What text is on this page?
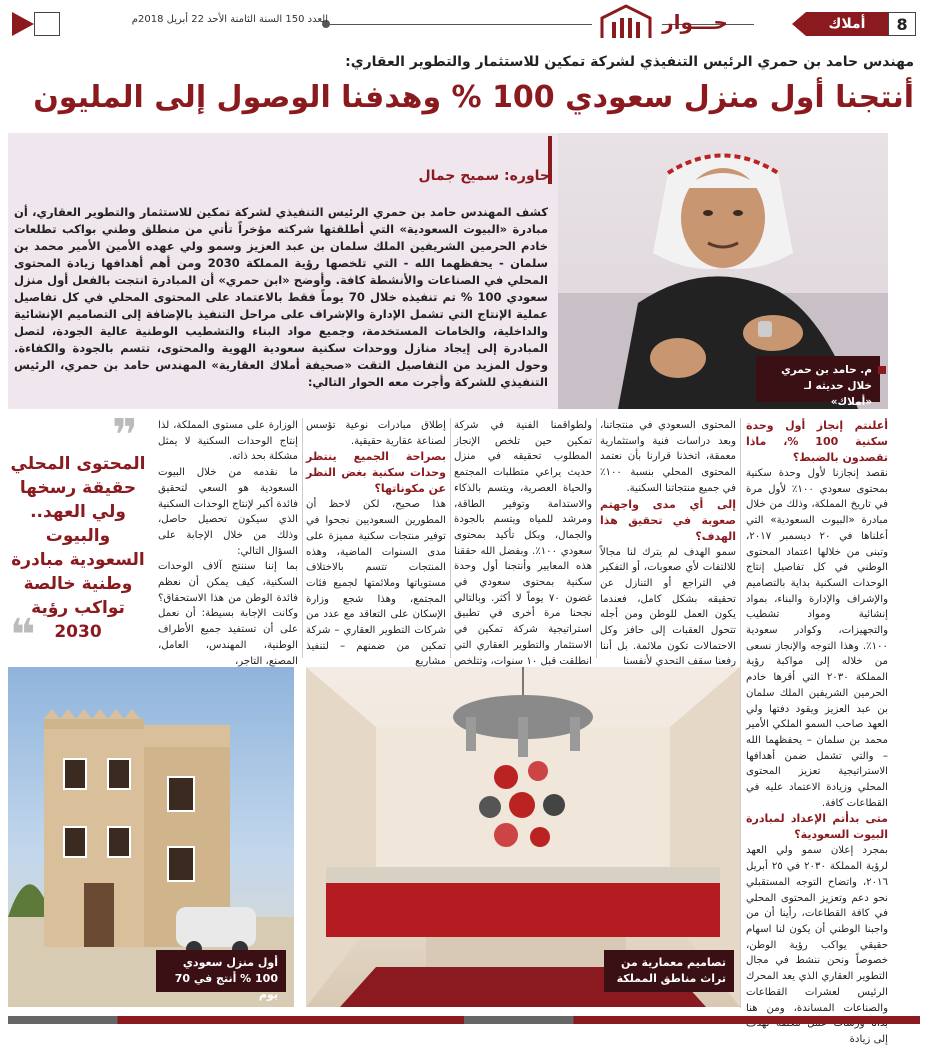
8
أملاك
حـــوار
العدد 150 السنة الثامنة الأحد 22 أبريل 2018م
مهندس حامد بن حمري الرئيس التنفيذي لشركة تمكين للاستثمار والتطوير العقاري:
أنتجنا أول منزل سعودي 100 % وهدفنا الوصول إلى المليون
حاوره: سميح جمال
كشف المهندس حامد بن حمري الرئيس التنفيذي لشركة تمكين للاستثمار والتطوير العقاري، أن مبادرة «البيوت السعودية» التي أطلقتها شركته مؤخراً تأتي من منطلق وطني بواكب تطلعات خادم الحرمين الشريفين الملك سلمان بن عبد العزيز وسمو ولي عهده الأمين الأمير محمد بن سلمان - يحفظهما الله - التي تلخصها رؤية المملكة 2030 ومن أهم أهدافها زيادة المحتوى المحلي في الصناعات والأنشطة كافة. وأوضح «ابن حمري» أن المبادرة انتجت بالفعل أول منزل سعودي 100 % تم تنفيذه خلال 70 يوماً فقط بالاعتماد على المحتوى المحلي في كل تفاصيل عملية الإنتاج التي تشمل الإدارة والإشراف على مراحل التنفيذ بالإضافة إلى التصاميم الإنشائية والداخلية، والخامات المستخدمة، وجميع مواد البناء والتشطيب الوطنية عالية الجودة، لتصل المبادرة إلى إيجاد منازل ووحدات سكنية سعودية الهوية والمحتوى، تتسم بالجودة والكفاءة. وحول المزيد من التفاصيل التقت «صحيفة أملاك العقارية» المهندس حامد بن حمري، الرئيس التنفيذي للشركة وأجرت معه الحوار التالي:
م. حامد بن حمري خلال حديثه لـ «أملاك»
أعلنتم إنجاز أول وحدة سكنية 100 %، ماذا تقصدون بالضبط؟

نقصد إنجازنا لأول وحدة سكنية بمحتوى سعودي ١٠٠٪ لأول مرة في تاريخ المملكة، وذلك من خلال مبادرة «البيوت السعودية» التي أعلناها في ٢٠ ديسمبر ٢٠١٧، وتبنى من خلالها اعتماد المحتوى الوطني في كل تفاصيل إنتاج الوحدات السكنية بداية بالتصاميم والإشراف والإدارة والبناء، بمواد إنشائية ومواد تشطيب والتجهيزات، وكوادر سعودية ١٠٠٪. وهذا التوجه والإنجاز نسعى من خلاله إلى مواكبة رؤية المملكة ٢٠٣٠ التي أقرها خادم الحرمين الشريفين الملك سلمان بن عبد العزيز ويقود دفتها ولي العهد صاحب السمو الملكي الأمير محمد بن سلمان – يحفظهما الله – والتي تشمل ضمن أهدافها الاستراتيجية تعزيز المحتوى المحلي وزيادة الاعتماد عليه في القطاعات كافة.

متى بدأتم الإعداد لمبادرة البيوت السعودية؟

بمجرد إعلان سمو ولي العهد لرؤية المملكة ٢٠٣٠ في ٢٥ أبريل ٢٠١٦، واتضاح التوجه المستقبلي نحو دعم وتعزيز المحتوى المحلي في كافة القطاعات، رأينا أن من واجبنا الوطني أن يكون لنا اسهام حقيقي يواكب رؤية الوطن، خصوصاً ونحن ننشط في مجال التطوير العقاري الذي يعد المحرك الرئيس لعشرات القطاعات والصناعات المساندة، ومن هنا إلى زيادة

المحتوى السعودي في منتجاتنا، وبعد دراسات فنية واستثمارية معمقة، اتخذنا قرارنا بأن نعتمد المحتوى المحلي بنسبة ١٠٠٪ في جميع منتجاتنا السكنية.

إلى أي مدى واجهتم صعوبة في تحقيق هذا الهدف؟

سمو الهدف لم يترك لنا مجالاً للالتفات لأي صعوبات، أو التفكير في التراجع أو التنازل عن تحقيقه بشكل كامل، فعندما يكون العمل للوطن ومن أجله تتحول العقبات إلى حافز وكل الاحتمالات تكون ملائمة. بل أننا رفعنا سقف التحدي لأنفسنا

ولطواقمنا الفنية في شركة تمكين حين تلخص الإنجاز المطلوب تحقيقه في منزل حديث يراعي متطلبات المجتمع والحياة العصرية، ويتسم بالذكاء والاستدامة وتوفير الطاقة، ومرشد للمياه ويتسم بالجودة والجمال، وبكل تأكيد بمحتوى سعودي ١٠٠٪. وبفضل الله حققنا هذه المعايير وأنتجنا أول وحدة سكنية بمحتوى سعودي في غضون ٧٠ يوماً لا أكثر. وبالتالي نجحنا مرة أخرى في تطبيق استراتيجية شركة تمكين في الاستثمار والتطوير العقاري التي انطلقت قبل ١٠ سنوات، وتتلخص

إطلاق مبادرات نوعية تؤسس لصناعة عقارية حقيقية.

بصراحة الجميع ينتظر وحدات سكنية بغض النظر عن مكوناتها؟

هذا صحيح، لكن لاحظ أن المطورين السعوديين نجحوا في توفير منتجات سكنية مميزة على مدى السنوات الماضية، وهذه المنتجات تتسم بالاختلاف مستوياتها وملائمتها لجميع فئات المجتمع، وهذا شجع وزارة الإسكان على التعاقد مع عدد من شركات التطوير العقاري – شركة تمكين من ضمنهم – لتنفيذ مشاريع

الوزارة على مستوى المملكة، لذا إنتاج الوحدات السكنية لا يمثل مشكلة بحد ذاته.

ما نقدمه من خلال البيوت السعودية هو السعي لتحقيق فائدة أكبر لإنتاج الوحدات السكنية الذي سيكون تحصيل حاصل، وذلك من خلال الإجابة على السؤال التالي:

بما إننا سننتج آلاف الوحدات السكنية، كيف يمكن أن نعظم فائدة الوطن من هذا الاستحقاق؟ وكانت الإجابة بسيطة: أن نعمل على أن تستفيد جميع الأطراف الوطنية، المهندس، العامل، المصنع، التاجر،

❞
المحتوى المحلي حقيقة رسخها ولي العهد.. والبيوت السعودية مبادرة وطنية خالصة تواكب رؤية 2030
❝
أول منزل سعودي 100 % أنتج في 70 يوم
تصاميم معمارية من تراث مناطق المملكة
